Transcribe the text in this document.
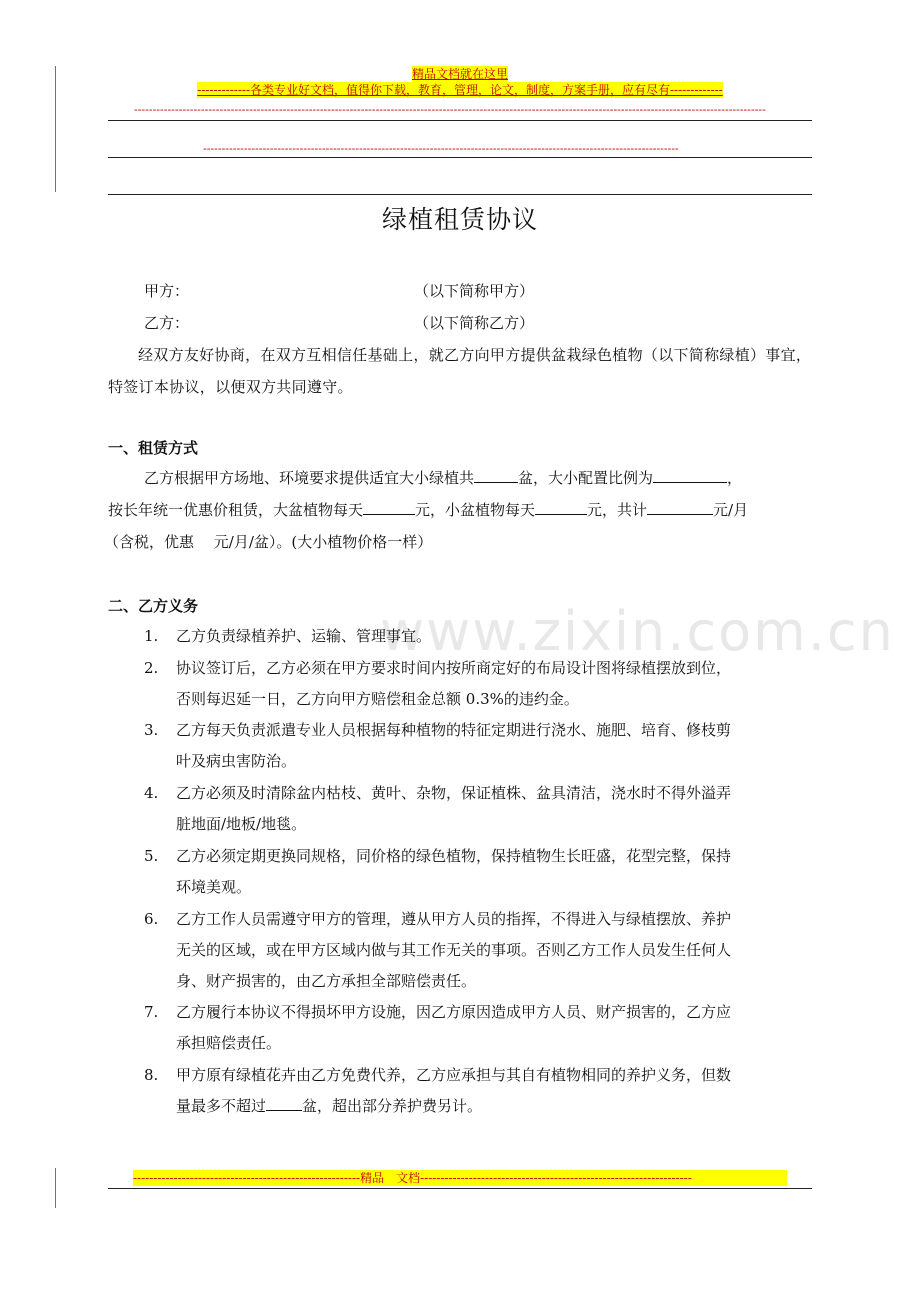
精品文档就在这里
-------------各类专业好文档，值得你下载，教育，管理，论文，制度，方案手册，应有尽有-------------
--------------------------------------------------------------------------------------------------------------------------------------------------------------------------
--------------------------------------------------------------------------------------------------------------------------------
www.zixin.com.cn
绿植租赁协议
甲方：	（以下简称甲方）
乙方：	（以下简称乙方）
经双方友好协商，在双方互相信任基础上，就乙方向甲方提供盆栽绿色植物（以下简称绿植）事宜，特签订本协议，以便双方共同遵守。
一、租赁方式
乙方根据甲方场地、环境要求提供适宜大小绿植共	盆，大小配置比例为	，
按长年统一优惠价租赁，大盆植物每天	元，小盆植物每天	元，共计	元/月
（含税，优惠　 元/月/盆）。(大小植物价格一样）
二、乙方义务
1. 乙方负责绿植养护、运输、管理事宜。
2. 协议签订后，乙方必须在甲方要求时间内按所商定好的布局设计图将绿植摆放到位，
否则每迟延一日，乙方向甲方赔偿租金总额 0.3%的违约金。
3. 乙方每天负责派遣专业人员根据每种植物的特征定期进行浇水、施肥、培育、修枝剪
叶及病虫害防治。
4. 乙方必须及时清除盆内枯枝、黄叶、杂物，保证植株、盆具清洁，浇水时不得外溢弄
脏地面/地板/地毯。
5. 乙方必须定期更换同规格，同价格的绿色植物，保持植物生长旺盛，花型完整，保持
环境美观。
6. 乙方工作人员需遵守甲方的管理，遵从甲方人员的指挥，不得进入与绿植摆放、养护
无关的区域，或在甲方区域内做与其工作无关的事项。否则乙方工作人员发生任何人
身、财产损害的，由乙方承担全部赔偿责任。
7. 乙方履行本协议不得损坏甲方设施，因乙方原因造成甲方人员、财产损害的，乙方应
承担赔偿责任。
8. 甲方原有绿植花卉由乙方免费代养，乙方应承担与其自有植物相同的养护义务，但数
量最多不超过 盆，超出部分养护费另计。
--------------------------------------------------------精品　文档-------------------------------------------------------------------
